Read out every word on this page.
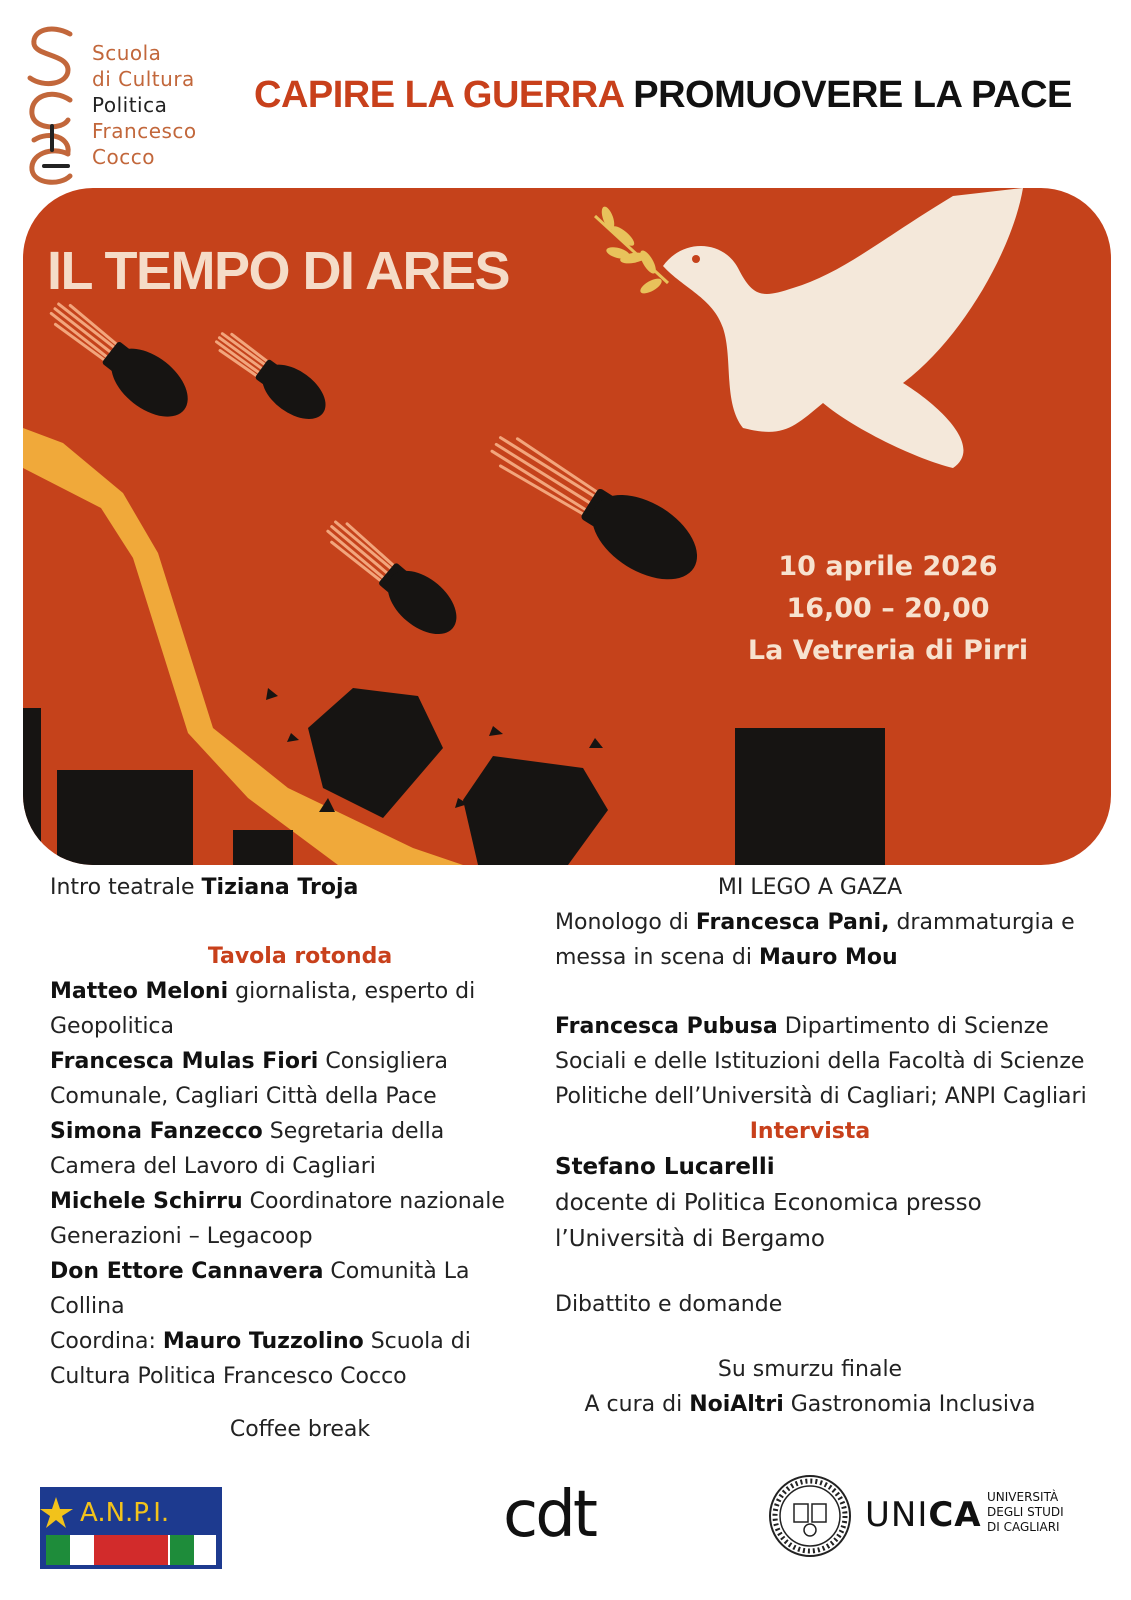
Scuola
di Cultura
Politica
Francesco
Cocco
CAPIRE LA GUERRA PROMUOVERE LA PACE
IL TEMPO DI ARES
10 aprile 2026
16,00 – 20,00
La Vetreria di Pirri
Intro teatrale Tiziana Troja
Tavola rotonda
Matteo Meloni giornalista, esperto di Geopolitica
Francesca Mulas Fiori Consigliera Comunale, Cagliari Città della Pace
Simona Fanzecco Segretaria della Camera del Lavoro di Cagliari
Michele Schirru Coordinatore nazionale Generazioni – Legacoop
Don Ettore Cannavera Comunità La Collina
Coordina: Mauro Tuzzolino Scuola di Cultura Politica Francesco Cocco
Coffee break
MI LEGO A GAZA
Monologo di Francesca Pani, drammaturgia e messa in scena di Mauro Mou
Francesca Pubusa Dipartimento di Scienze Sociali e delle Istituzioni della Facoltà di Scienze Politiche dell’Università di Cagliari; ANPI Cagliari
Intervista
Stefano Lucarelli
docente di Politica Economica presso l’Università di Bergamo
Dibattito e domande
Su smurzu finale
A cura di NoiAltri Gastronomia Inclusiva
A.N.P.I.	cdt	UNICA UNIVERSITÀ
DEGLI STUDI
DI CAGLIARI
